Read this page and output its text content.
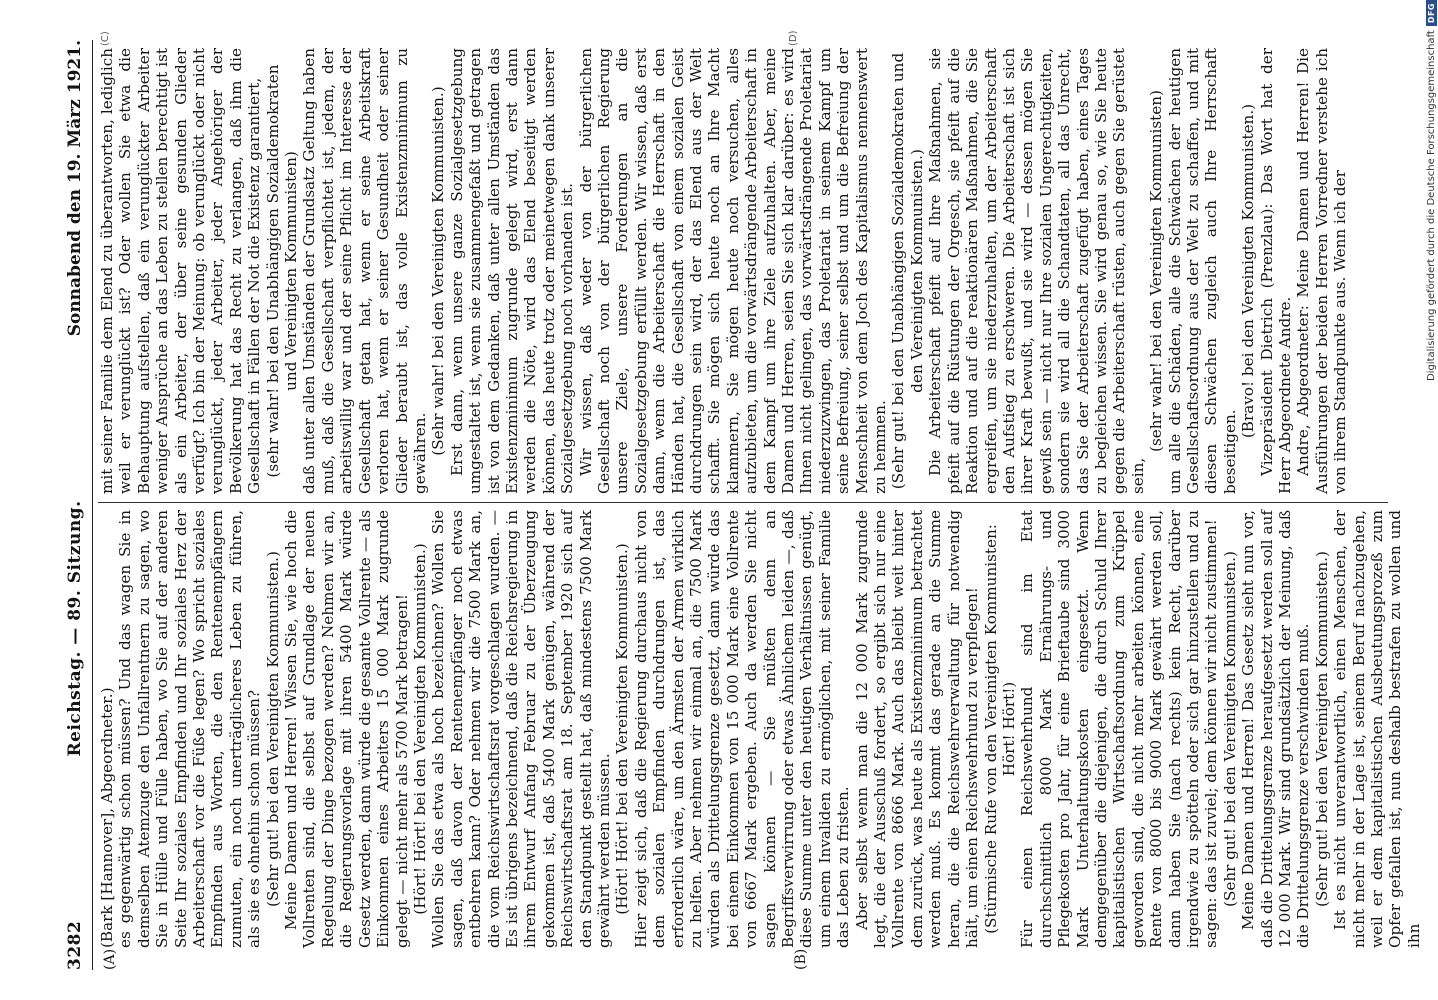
3282
Reichstag. — 89. Sitzung.
Sonnabend den 19. März 1921.
(A)	(B)
(C)	(D)

(Bark [Hannover], Abgeordneter.) es gegenwärtig schon müssen? Und das wagen Sie in demselben Atemzuge den Unfallrentnern zu sagen, wo Sie in Hülle und Fülle haben, wo Sie auf der anderen Seite Ihr soziales Empfinden und Ihr soziales Herz der Arbeiterschaft vor die Füße legen? Wo spricht soziales Empfinden aus Worten, die den Rentenempfängern zumuten, ein noch unerträglicheres Leben zu führen, als sie es ohnehin schon müssen? (Sehr gut! bei den Vereinigten Kommunisten.) Meine Damen und Herren! Wissen Sie, wie hoch die Vollrenten sind, die selbst auf Grundlage der neuen Regelung der Dinge bezogen werden? Nehmen wir an, die Regierungsvorlage mit ihren 5400 Mark würde Gesetz werden, dann würde die gesamte Vollrente — als Einkommen eines Arbeiters 15 000 Mark zugrunde gelegt — nicht mehr als 5700 Mark betragen! (Hört! Hört! bei den Vereinigten Kommunisten.) Wollen Sie das etwa als hoch bezeichnen? Wollen Sie sagen, daß davon der Rentenempfänger noch etwas entbehren kann? Oder nehmen wir die 7500 Mark an, die vom Reichswirtschaftsrat vorgeschlagen wurden. — Es ist übrigens bezeichnend, daß die Reichsregierung in ihrem Entwurf Anfang Februar zu der Überzeugung gekommen ist, daß 5400 Mark genügen, während der Reichswirtschaftsrat am 18. September 1920 sich auf den Standpunkt gestellt hat, daß mindestens 7500 Mark gewährt werden müssen. (Hört! Hört! bei den Vereinigten Kommunisten.) Hier zeigt sich, daß die Regierung durchaus nicht von dem sozialen Empfinden durchdrungen ist, das erforderlich wäre, um den Ärmsten der Armen wirklich zu helfen. Aber nehmen wir einmal an, die 7500 Mark würden als Drittelungsgrenze gesetzt, dann würde das bei einem Einkommen von 15 000 Mark eine Vollrente von 6667 Mark ergeben. Auch da werden Sie nicht sagen können — Sie müßten denn an Begriffsverwirrung oder etwas Ähnlichem leiden —, daß diese Summe unter den heutigen Verhältnissen genügt, um einem Invaliden zu ermöglichen, mit seiner Familie das Leben zu fristen. Aber selbst wenn man die 12 000 Mark zugrunde legt, die der Ausschuß fordert, so ergibt sich nur eine Vollrente von 8666 Mark. Auch das bleibt weit hinter dem zurück, was heute als Existenzminimum betrachtet werden muß. Es kommt das gerade an die Summe heran, die die Reichswehrverwaltung für notwendig hält, um einen Reichswehrhund zu verpflegen! (Stürmische Rufe von den Vereinigten Kommunisten: Hört! Hört!) Für einen Reichswehrhund sind im Etat durchschnittlich 8000 Mark Ernährungs- und Pflegekosten pro Jahr, für eine Brieftaube sind 3000 Mark Unterhaltungskosten eingesetzt. Wenn demgegenüber die diejenigen, die durch Schuld Ihrer kapitalistischen Wirtschaftsordnung zum Krüppel geworden sind, die nicht mehr arbeiten können, eine Rente von 8000 bis 9000 Mark gewährt werden soll, dann haben Sie (nach rechts) kein Recht, darüber irgendwie zu spötteln oder sich gar hinzustellen und zu sagen: das ist zuviel; dem können wir nicht zustimmen! (Sehr gut! bei den Vereinigten Kommunisten.) Meine Damen und Herren! Das Gesetz sieht nun vor, daß die Drittelungsgrenze heraufgesetzt werden soll auf 12 000 Mark. Wir sind grundsätzlich der Meinung, daß die Drittelungsgrenze verschwinden muß. (Sehr gut! bei den Vereinigten Kommunisten.) Ist es nicht unverantwortlich, einen Menschen, der nicht mehr in der Lage ist, seinem Beruf nachzugehen, weil er dem kapitalistischen Ausbeutungsprozeß zum Opfer gefallen ist, nun deshalb bestrafen zu wollen und ihn

mit seiner Familie dem Elend zu überantworten, lediglich weil er verunglückt ist? Oder wollen Sie etwa die Behauptung aufstellen, daß ein verunglückter Arbeiter weniger Ansprüche an das Leben zu stellen berechtigt ist als ein Arbeiter, der über seine gesunden Glieder verfügt? Ich bin der Meinung: ob verunglückt oder nicht verunglückt, jeder Arbeiter, jeder Angehöriger der Bevölkerung hat das Recht zu verlangen, daß ihm die Gesellschaft in Fällen der Not die Existenz garantiert, (sehr wahr! bei den Unabhängigen Sozialdemokraten und Vereinigten Kommunisten) daß unter allen Umständen der Grundsatz Geltung haben muß, daß die Gesellschaft verpflichtet ist, jedem, der arbeitswillig war und der seine Pflicht im Interesse der Gesellschaft getan hat, wenn er seine Arbeitskraft verloren hat, wenn er seiner Gesundheit oder seiner Glieder beraubt ist, das volle Existenzminimum zu gewähren. (Sehr wahr! bei den Vereinigten Kommunisten.) Erst dann, wenn unsere ganze Sozialgesetzgebung umgestaltet ist, wenn sie zusammengefaßt und getragen ist von dem Gedanken, daß unter allen Umständen das Existenzminimum zugrunde gelegt wird, erst dann werden die Nöte, wird das Elend beseitigt werden können, das heute trotz oder meinetwegen dank unserer Sozialgesetzgebung noch vorhanden ist. Wir wissen, daß weder von der bürgerlichen Gesellschaft noch von der bürgerlichen Regierung unsere Ziele, unsere Forderungen an die Sozialgesetzgebung erfüllt werden. Wir wissen, daß erst dann, wenn die Arbeiterschaft die Herrschaft in den Händen hat, die Gesellschaft von einem sozialen Geist durchdrungen sein wird, der das Elend aus der Welt schafft. Sie mögen sich heute noch an Ihre Macht klammern, Sie mögen heute noch versuchen, alles aufzubieten, um die vorwärtsdrängende Arbeiterschaft in dem Kampf um ihre Ziele aufzuhalten. Aber, meine Damen und Herren, seien Sie sich klar darüber: es wird Ihnen nicht gelingen, das vorwärtsdrängende Proletariat niederzuzwingen, das Proletariat in seinem Kampf um seine Befreiung, seiner selbst und um die Befreiung der Menschheit von dem Joch des Kapitalismus nennenswert zu hemmen. (Sehr gut! bei den Unabhängigen Sozialdemokraten und den Vereinigten Kommunisten.) Die Arbeiterschaft pfeift auf Ihre Maßnahmen, sie pfeift auf die Rüstungen der Orgesch, sie pfeift auf die Reaktion und auf die reaktionären Maßnahmen, die Sie ergreifen, um sie niederzuhalten, um der Arbeiterschaft den Aufstieg zu erschweren. Die Arbeiterschaft ist sich ihrer Kraft bewußt, und sie wird — dessen mögen Sie gewiß sein — nicht nur Ihre sozialen Ungerechtigkeiten, sondern sie wird all die Schandtaten, all das Unrecht, das Sie der Arbeiterschaft zugefügt haben, eines Tages zu begleichen wissen. Sie wird genau so, wie Sie heute gegen die Arbeiterschaft rüsten, auch gegen Sie gerüstet sein,

(sehr wahr! bei den Vereinigten Kommunisten) um alle die Schäden, alle die Schwächen der heutigen Gesellschaftsordnung aus der Welt zu schaffen, und mit diesen Schwächen zugleich auch Ihre Herrschaft beseitigen.

(Bravo! bei den Vereinigten Kommunisten.) Vizepräsident Dietrich (Prenzlau): Das Wort hat der Herr Abgeordnete Andre. Andre, Abgeordneter: Meine Damen und Herren! Die Ausführungen der beiden Herren Vorredner verstehe ich von ihrem Standpunkte aus. Wenn ich der	Digitalisierung gefördert durch die Deutsche Forschungsgemeinschaft
DFG
